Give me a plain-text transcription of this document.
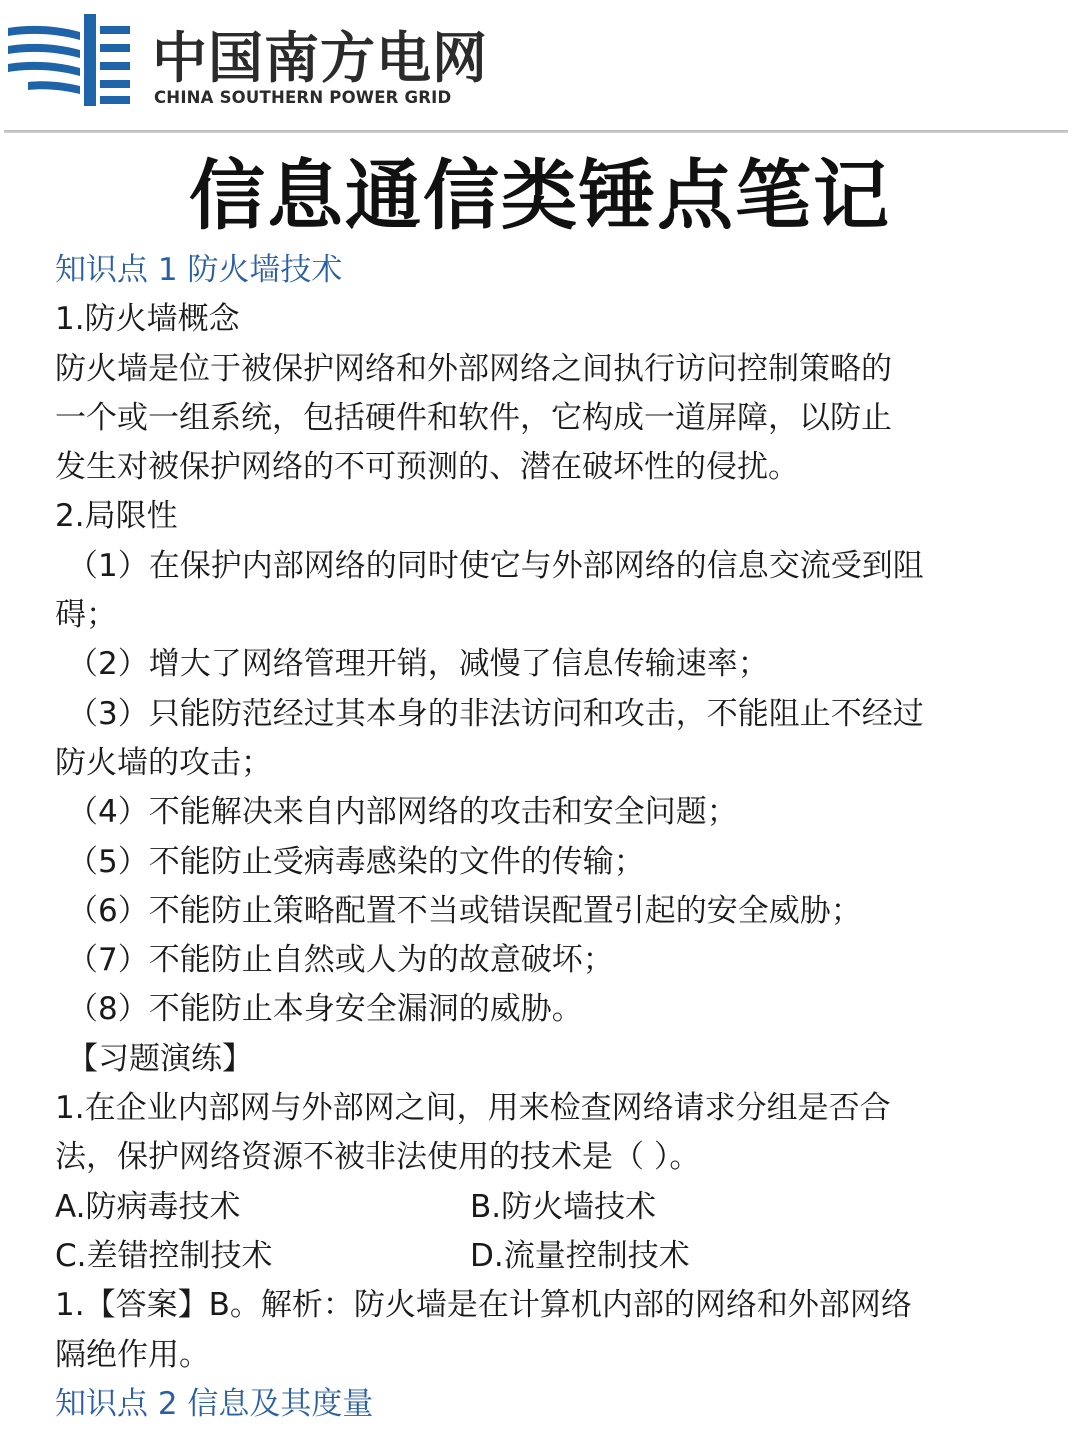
中国南方电网
CHINA SOUTHERN POWER GRID
信息通信类锤点笔记
知识点 1 防火墙技术
1.防火墙概念
防火墙是位于被保护网络和外部网络之间执行访问控制策略的
一个或一组系统，包括硬件和软件，它构成一道屏障，以防止
发生对被保护网络的不可预测的、潜在破坏性的侵扰。
2.局限性
（1）在保护内部网络的同时使它与外部网络的信息交流受到阻
碍；
（2）增大了网络管理开销，减慢了信息传输速率；
（3）只能防范经过其本身的非法访问和攻击，不能阻止不经过
防火墙的攻击；
（4）不能解决来自内部网络的攻击和安全问题；
（5）不能防止受病毒感染的文件的传输；
（6）不能防止策略配置不当或错误配置引起的安全威胁；
（7）不能防止自然或人为的故意破坏；
（8）不能防止本身安全漏洞的威胁。
【习题演练】
1.在企业内部网与外部网之间，用来检查网络请求分组是否合
法，保护网络资源不被非法使用的技术是（ ）。
A.防病毒技术	B.防火墙技术
C.差错控制技术	D.流量控制技术
1.【答案】B。解析：防火墙是在计算机内部的网络和外部网络
隔绝作用。
知识点 2 信息及其度量
